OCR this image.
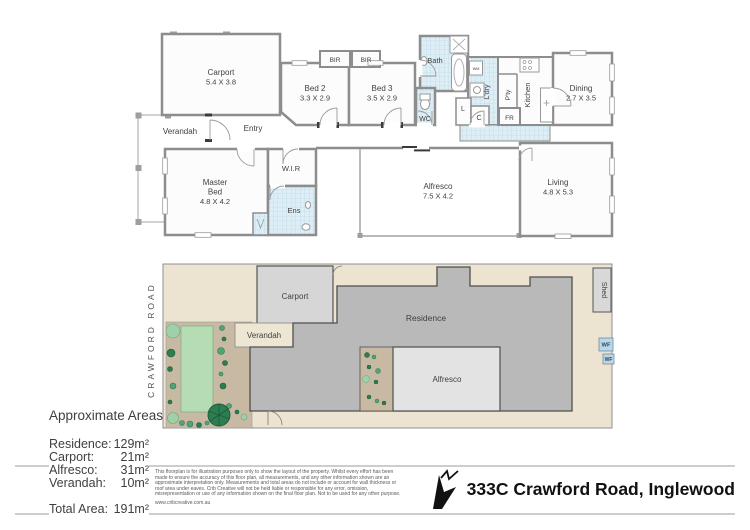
Carport
5.4 X 3.8
Verandah	Entry
Bed 2
3.3 X 2.9
Bed 3
3.5 X 2.9
BIR	BIR	Bath
WC
L'dry
L
C
P'ty
FR
Kitchen	Dining
2.7 X 3.5
Living
4.8 X 5.3
Alfresco
7.5 X 4.2
Master
Bed
4.8 X 4.2
W.I.R
Ens
WM
Carport
Verandah
Residence
Alfresco
Shed
WF
WF
CRAWFORD ROAD
Approximate Areas
Residence: 129m²
Carport: 21m²
Alfresco: 31m²
Verandah: 10m²
Total Area: 191m²
This floorplan is for illustration purposes only to show the layout of the property. Whilst every effort has been made to ensure the accuracy of this floor plan, all measurements, and any other information shown are an approximate interpretation only. Measurements and total areas do not include or account for wall thickness or roof area under eaves. Crib Creative will not be held liable or responsible for any error, omission, misrepresentation or use of any information shown on the final floor plan. Not to be used for any other purpose.
www.cribcreative.com.au
333C Crawford Road, Inglewood
